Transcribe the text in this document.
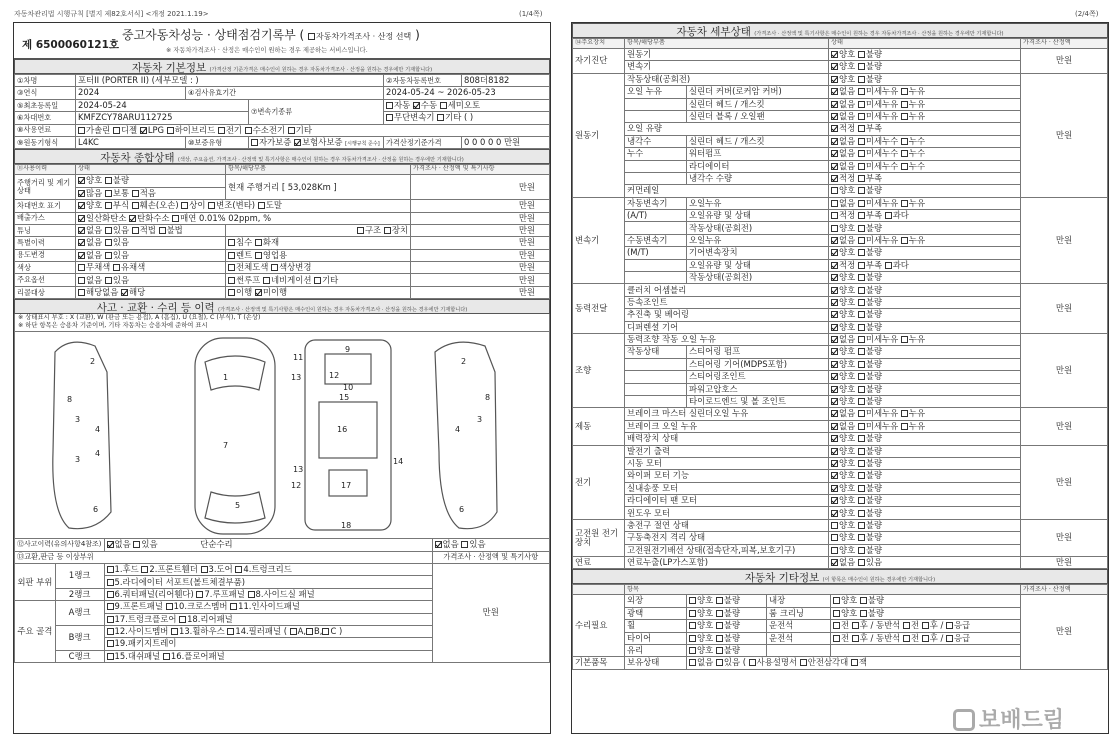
자동차관리법 시행규칙 [별지 제82호서식] <개정 2021.1.19>	(1/4쪽)	(2/4쪽)
제 6500060121호
중고자동차성능 · 상태점검기록부 ( 자동차가격조사 · 산정 선택 )
※ 자동차가격조사 · 산정은 매수인이 원하는 경우 제공하는 서비스입니다.
자동차 기본정보 (가격산정 기준가격은 매수인이 원하는 경우 자동차가격조사 · 산정을 원하는 경우에만 기재합니다)
①차명	포터II (PORTER II) (세부모델 : )			②자동차등록번호	808더8182
③연식	2024	④검사유효기간		2024-05-24 ~ 2026-05-23	
⑤최초등록일	2024-05-24		⑦변속기종류	자동 수동 세미오토	
⑥차대번호	KMFZCY78ARU112725			무단변속기 기타 ( )	
⑧사용연료	가솔린 디젤 LPG 하이브리드 전기 수소전기 기타				
⑨원동기형식	L4KC	⑩보증유형	자가보증 보험사보증 [시행규칙 준수]	가격산정기준가격	0 0 0 0 0 만원
자동차 종합상태 (색상, 주요옵션, 가격조사 · 산정액 및 특기사항은 매수인이 원하는 경우 자동차가격조사 · 산정을 원하는 경우에만 기재합니다)
⑪사용이력	상태	항목/해당부품	가격조사 · 산정액 및 특기사항
주행거리 및 계기상태	양호 불량	현재 주행거리 [ 53,028Km ]	만원
	많음 보통 적음		
차대번호 표기	양호 부식 훼손(오손) 상이 변조(변타) 도말		만원
배출가스	일산화탄소 탄화수소 매연 0.01% 02ppm, %		만원
튜닝	없음 있음 적법 불법	구조 장치	만원
특별이력	없음 있음	침수 화재	만원
용도변경	없음 있음	렌트 영업용	만원
색상	무채색 유채색	전체도색 색상변경	만원
주요옵션	없음 있음	썬루프 네비게이션 기타	만원
리콜대상	해당없음 해당	이행 미이행	만원
사고 · 교환 · 수리 등 이력 (가격조사 · 산정액 및 특기사항은 매수인이 원하는 경우 자동차가격조사 · 산정을 원하는 경우에만 기재합니다)
※ 상태표시 부호 : X (교환), W (판금 또는 용접), A (흠집), U (요철), C (부식), T (손상)
※ 하단 항목은 승용차 기준이며, 기타 자동차는 승용차에 준하여 표시
2
3
4
3
4
8
6
1
7
5
9
10
11
12
13
15
16
13
12	17
18
14
2
3
4
8
6
⑫사고이력(유의사항4참조)		없음 있음 단순수리	없음 있음
⑬교환,판금 등 이상부위			가격조사 · 산정액 및 특기사항
외판 부위	1랭크	1.후드 2.프론트휀더 3.도어 4.트렁크리드	만원
		5.라디에이터 서포트(볼트체결부품)	
	2랭크	6.쿼터패널(리어휀다) 7.루프패널 8.사이드실 패널	
주요 골격	A랭크	9.프론트패널 10.크로스멤버 11.인사이드패널	
		17.트렁크플로어 18.리어패널	
	B랭크	12.사이드멤버 13.휠하우스 14.필러패널 ( A, B, C )	
		19.패키지트레이	
	C랭크	15.대쉬패널 16.플로어패널	
자동차 세부상태 (가격조사 · 산정액 및 특기사항은 매수인이 원하는 경우 자동차가격조사 · 산정을 원하는 경우에만 기재합니다)
⑭주요장치	항목/해당부품		상태	가격조사 · 산정액
자기진단	원동기		양호 불량	만원
	변속기		양호 불량	
원동기	작동상태(공회전)		양호 불량	만원
	오일 누유	실린더 커버(로커암 커버)	없음 미세누유 누유	
		실린더 헤드 / 개스킷	없음 미세누유 누유	
		실린더 블록 / 오일팬	없음 미세누유 누유	
	오일 유량		적정 부족	
	냉각수	실린더 헤드 / 개스킷	없음 미세누수 누수	
	누수	워터펌프	없음 미세누수 누수	
		라디에이터	없음 미세누수 누수	
		냉각수 수량	적정 부족	
	커먼레일		양호 불량	
변속기	자동변속기	오일누유	없음 미세누유 누유	만원
	(A/T)	오일유량 및 상태	적정 부족 과다	
		작동상태(공회전)	양호 불량	
	수동변속기	오일누유	없음 미세누유 누유	
	(M/T)	기어변속장치	양호 불량	
		오일유량 및 상태	적정 부족 과다	
		작동상태(공회전)	양호 불량	
동력전달	클러치 어셈블리		양호 불량	만원
	등속조인트		양호 불량	
	추진축 및 베어링		양호 불량	
	디퍼렌셜 기어		양호 불량	
조향	동력조향 작동 오일 누유		없음 미세누유 누유	만원
	작동상태	스티어링 펌프	양호 불량	
		스티어링 기어(MDPS포함)	양호 불량	
		스티어링조인트	양호 불량	
		파워고압호스	양호 불량	
		타이로드엔드 및 볼 조인트	양호 불량	
제동	브레이크 마스터 실린더오일 누유		없음 미세누유 누유	만원
	브레이크 오일 누유		없음 미세누유 누유	
	배력장치 상태		양호 불량	
전기	발전기 출력		양호 불량	만원
	시동 모터		양호 불량	
	와이퍼 모터 기능		양호 불량	
	실내송풍 모터		양호 불량	
	라디에이터 팬 모터		양호 불량	
	윈도우 모터		양호 불량	
고전원 전기장치	충전구 절연 상태		양호 불량	만원
	구동축전지 격리 상태		양호 불량	
	고전원전기배선 상태(접속단자,피복,보호기구)		양호 불량	
연료	연료누출(LP가스포함)		없음 있음	만원
자동차 기타정보 (이 항목은 매수인이 원하는 경우에만 기재합니다)
	항목				가격조사 · 산정액
수리필요	외장	양호 불량	내장	양호 불량	만원
	광택	양호 불량	룸 크리닝	양호 불량	
	휠	양호 불량	운전석	전 후 / 동반석 전 후 / 응급	
	타이어	양호 불량	운전석	전 후 / 동반석 전 후 / 응급	
	유리	양호 불량			
기본품목	보유상태	없음 있음 ( 사용설명서 안전삼각대 잭			
보배드림
